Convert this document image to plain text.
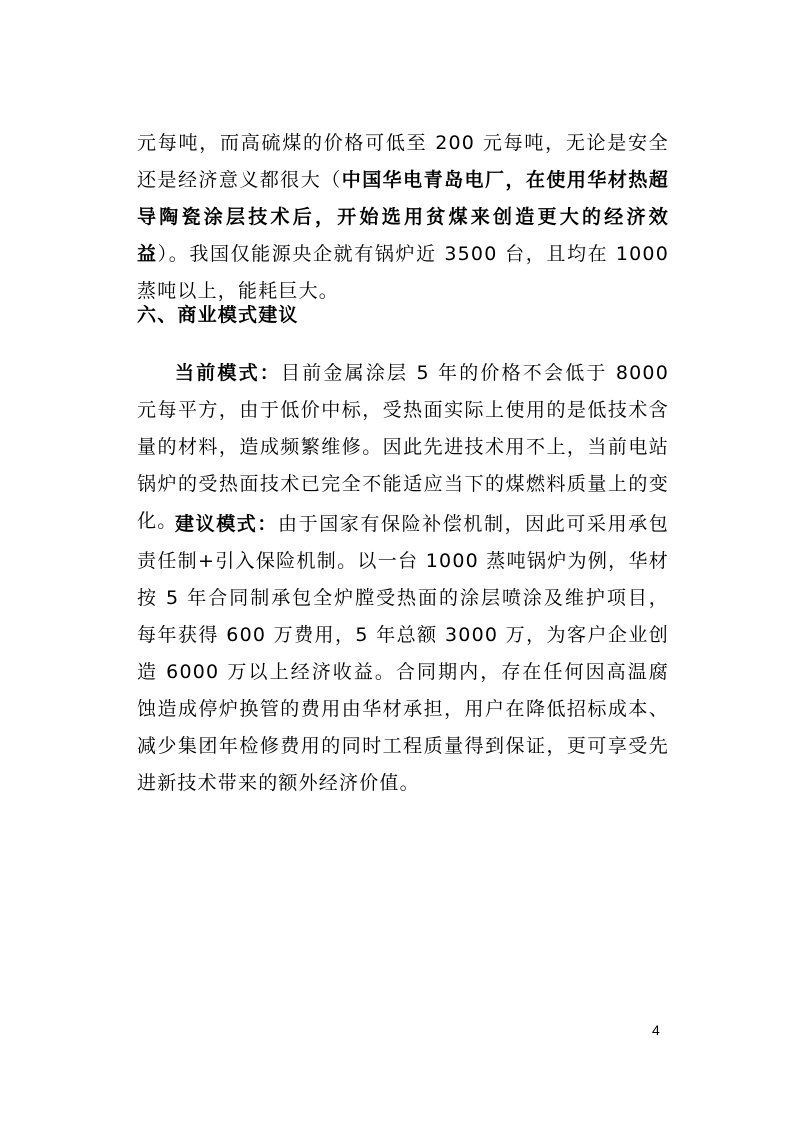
元每吨，而高硫煤的价格可低至 200 元每吨，无论是安全还是经济意义都很大（中国华电青岛电厂，在使用华材热超导陶瓷涂层技术后，开始选用贫煤来创造更大的经济效益）。我国仅能源央企就有锅炉近 3500 台，且均在 1000 蒸吨以上，能耗巨大。

六、商业模式建议

当前模式：目前金属涂层 5 年的价格不会低于 8000 元每平方，由于低价中标，受热面实际上使用的是低技术含量的材料，造成频繁维修。因此先进技术用不上，当前电站锅炉的受热面技术已完全不能适应当下的煤燃料质量上的变化。

建议模式：由于国家有保险补偿机制，因此可采用承包责任制+引入保险机制。以一台 1000 蒸吨锅炉为例，华材按 5 年合同制承包全炉膛受热面的涂层喷涂及维护项目，每年获得 600 万费用，5 年总额 3000 万，为客户企业创造 6000 万以上经济收益。合同期内，存在任何因高温腐蚀造成停炉换管的费用由华材承担，用户在降低招标成本、减少集团年检修费用的同时工程质量得到保证，更可享受先进新技术带来的额外经济价值。

4
